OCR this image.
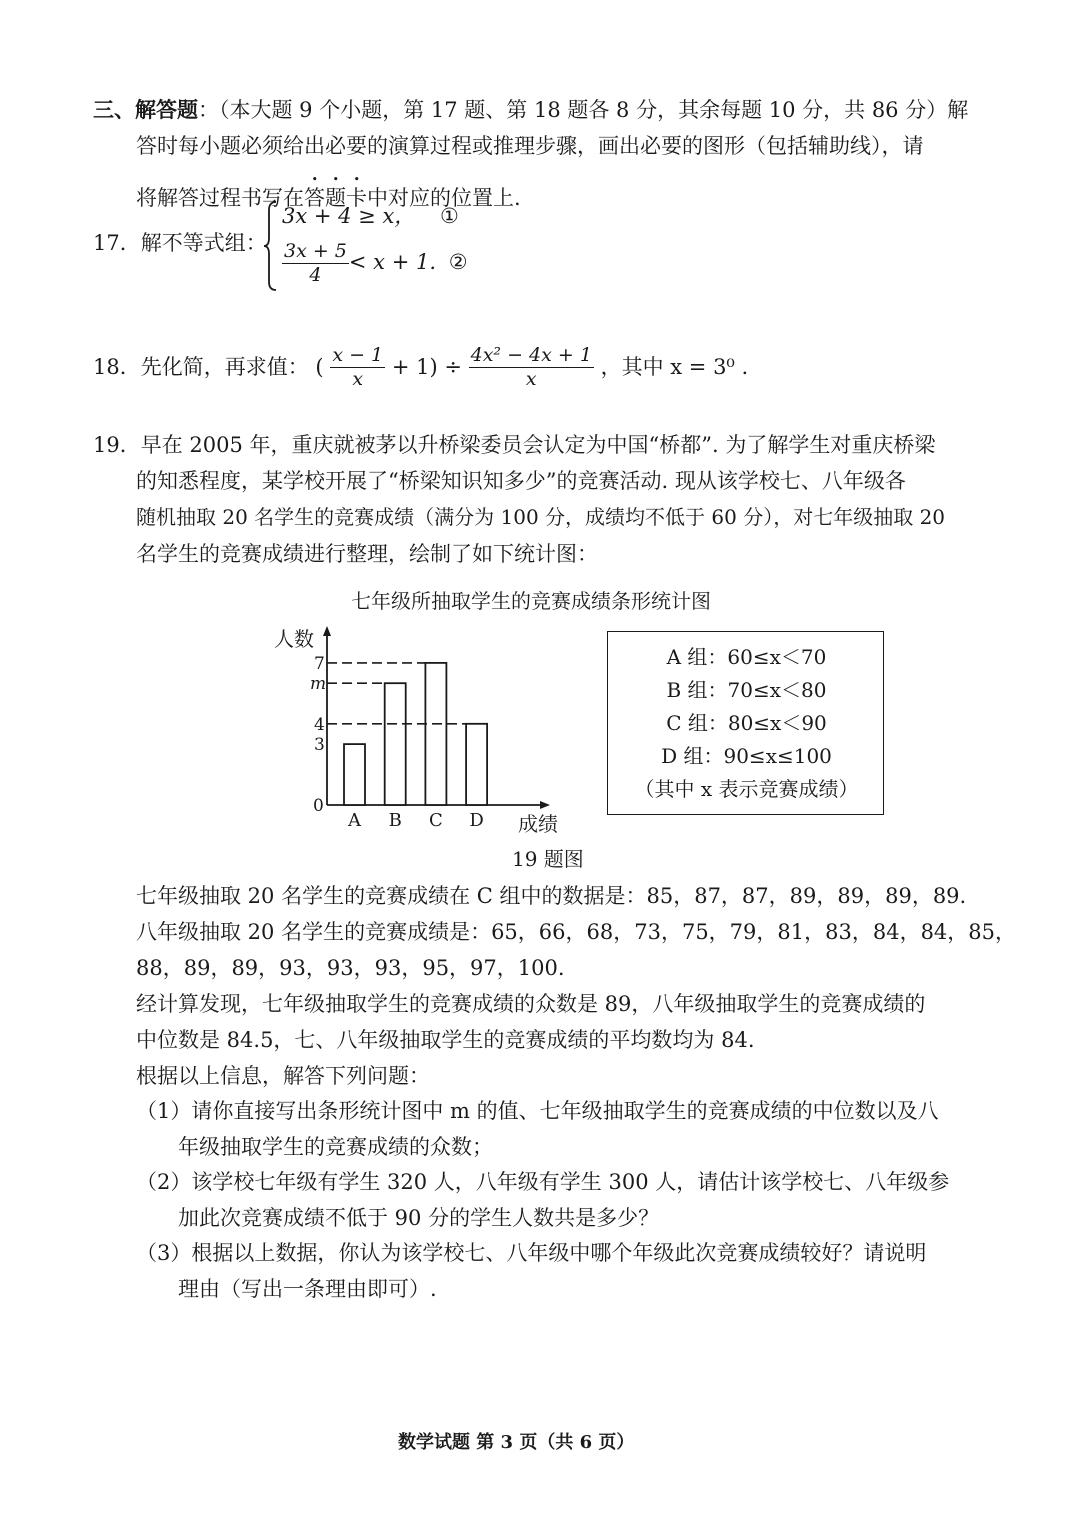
三、解答题：（本大题 9 个小题，第 17 题、第 18 题各 8 分，其余每题 10 分，共 86 分）解
答时每小题必须给出必要的演算过程或推理步骤，画出必要的图形（包括辅助线），请
将解答过程书写在答题卡中对应的位置上.
17．解不等式组：
3x + 4 ≥ x， ①
$\frac{3x + 5}{4} < x + 1$. ②
18．先化简，再求值： ( $\frac{x - 1}{x} + 1) \div \frac{\text{4x² − 4x + 1}}{x}$ ，其中 x = 3⁰ .
19．早在 2005 年，重庆就被茅以升桥梁委员会认定为中国“桥都”. 为了解学生对重庆桥梁
的知悉程度，某学校开展了“桥梁知识知多少”的竞赛活动. 现从该学校七、八年级各
随机抽取 20 名学生的竞赛成绩（满分为 100 分，成绩均不低于 60 分），对七年级抽取 20
名学生的竞赛成绩进行整理，绘制了如下统计图：
七年级所抽取学生的竞赛成绩条形统计图
人数
成绩
0
A B C D
3
m
7
4
A 组：60≤x＜70
B 组：70≤x＜80
C 组：80≤x＜90
D 组：90≤x≤100
（其中 x 表示竞赛成绩）
19 题图
七年级抽取 20 名学生的竞赛成绩在 C 组中的数据是：85，87，87，89，89，89，89.
八年级抽取 20 名学生的竞赛成绩是：65，66，68，73，75，79，81，83，84，84，85，
88，89，89，93，93，93，95，97，100.
经计算发现，七年级抽取学生的竞赛成绩的众数是 89，八年级抽取学生的竞赛成绩的
中位数是 84.5，七、八年级抽取学生的竞赛成绩的平均数均为 84.
根据以上信息，解答下列问题：
（1）请你直接写出条形统计图中 m 的值、七年级抽取学生的竞赛成绩的中位数以及八
年级抽取学生的竞赛成绩的众数；
（2）该学校七年级有学生 320 人，八年级有学生 300 人，请估计该学校七、八年级参
加此次竞赛成绩不低于 90 分的学生人数共是多少？
（3）根据以上数据，你认为该学校七、八年级中哪个年级此次竞赛成绩较好？请说明
理由（写出一条理由即可）.
数学试题 第 3 页（共 6 页）
